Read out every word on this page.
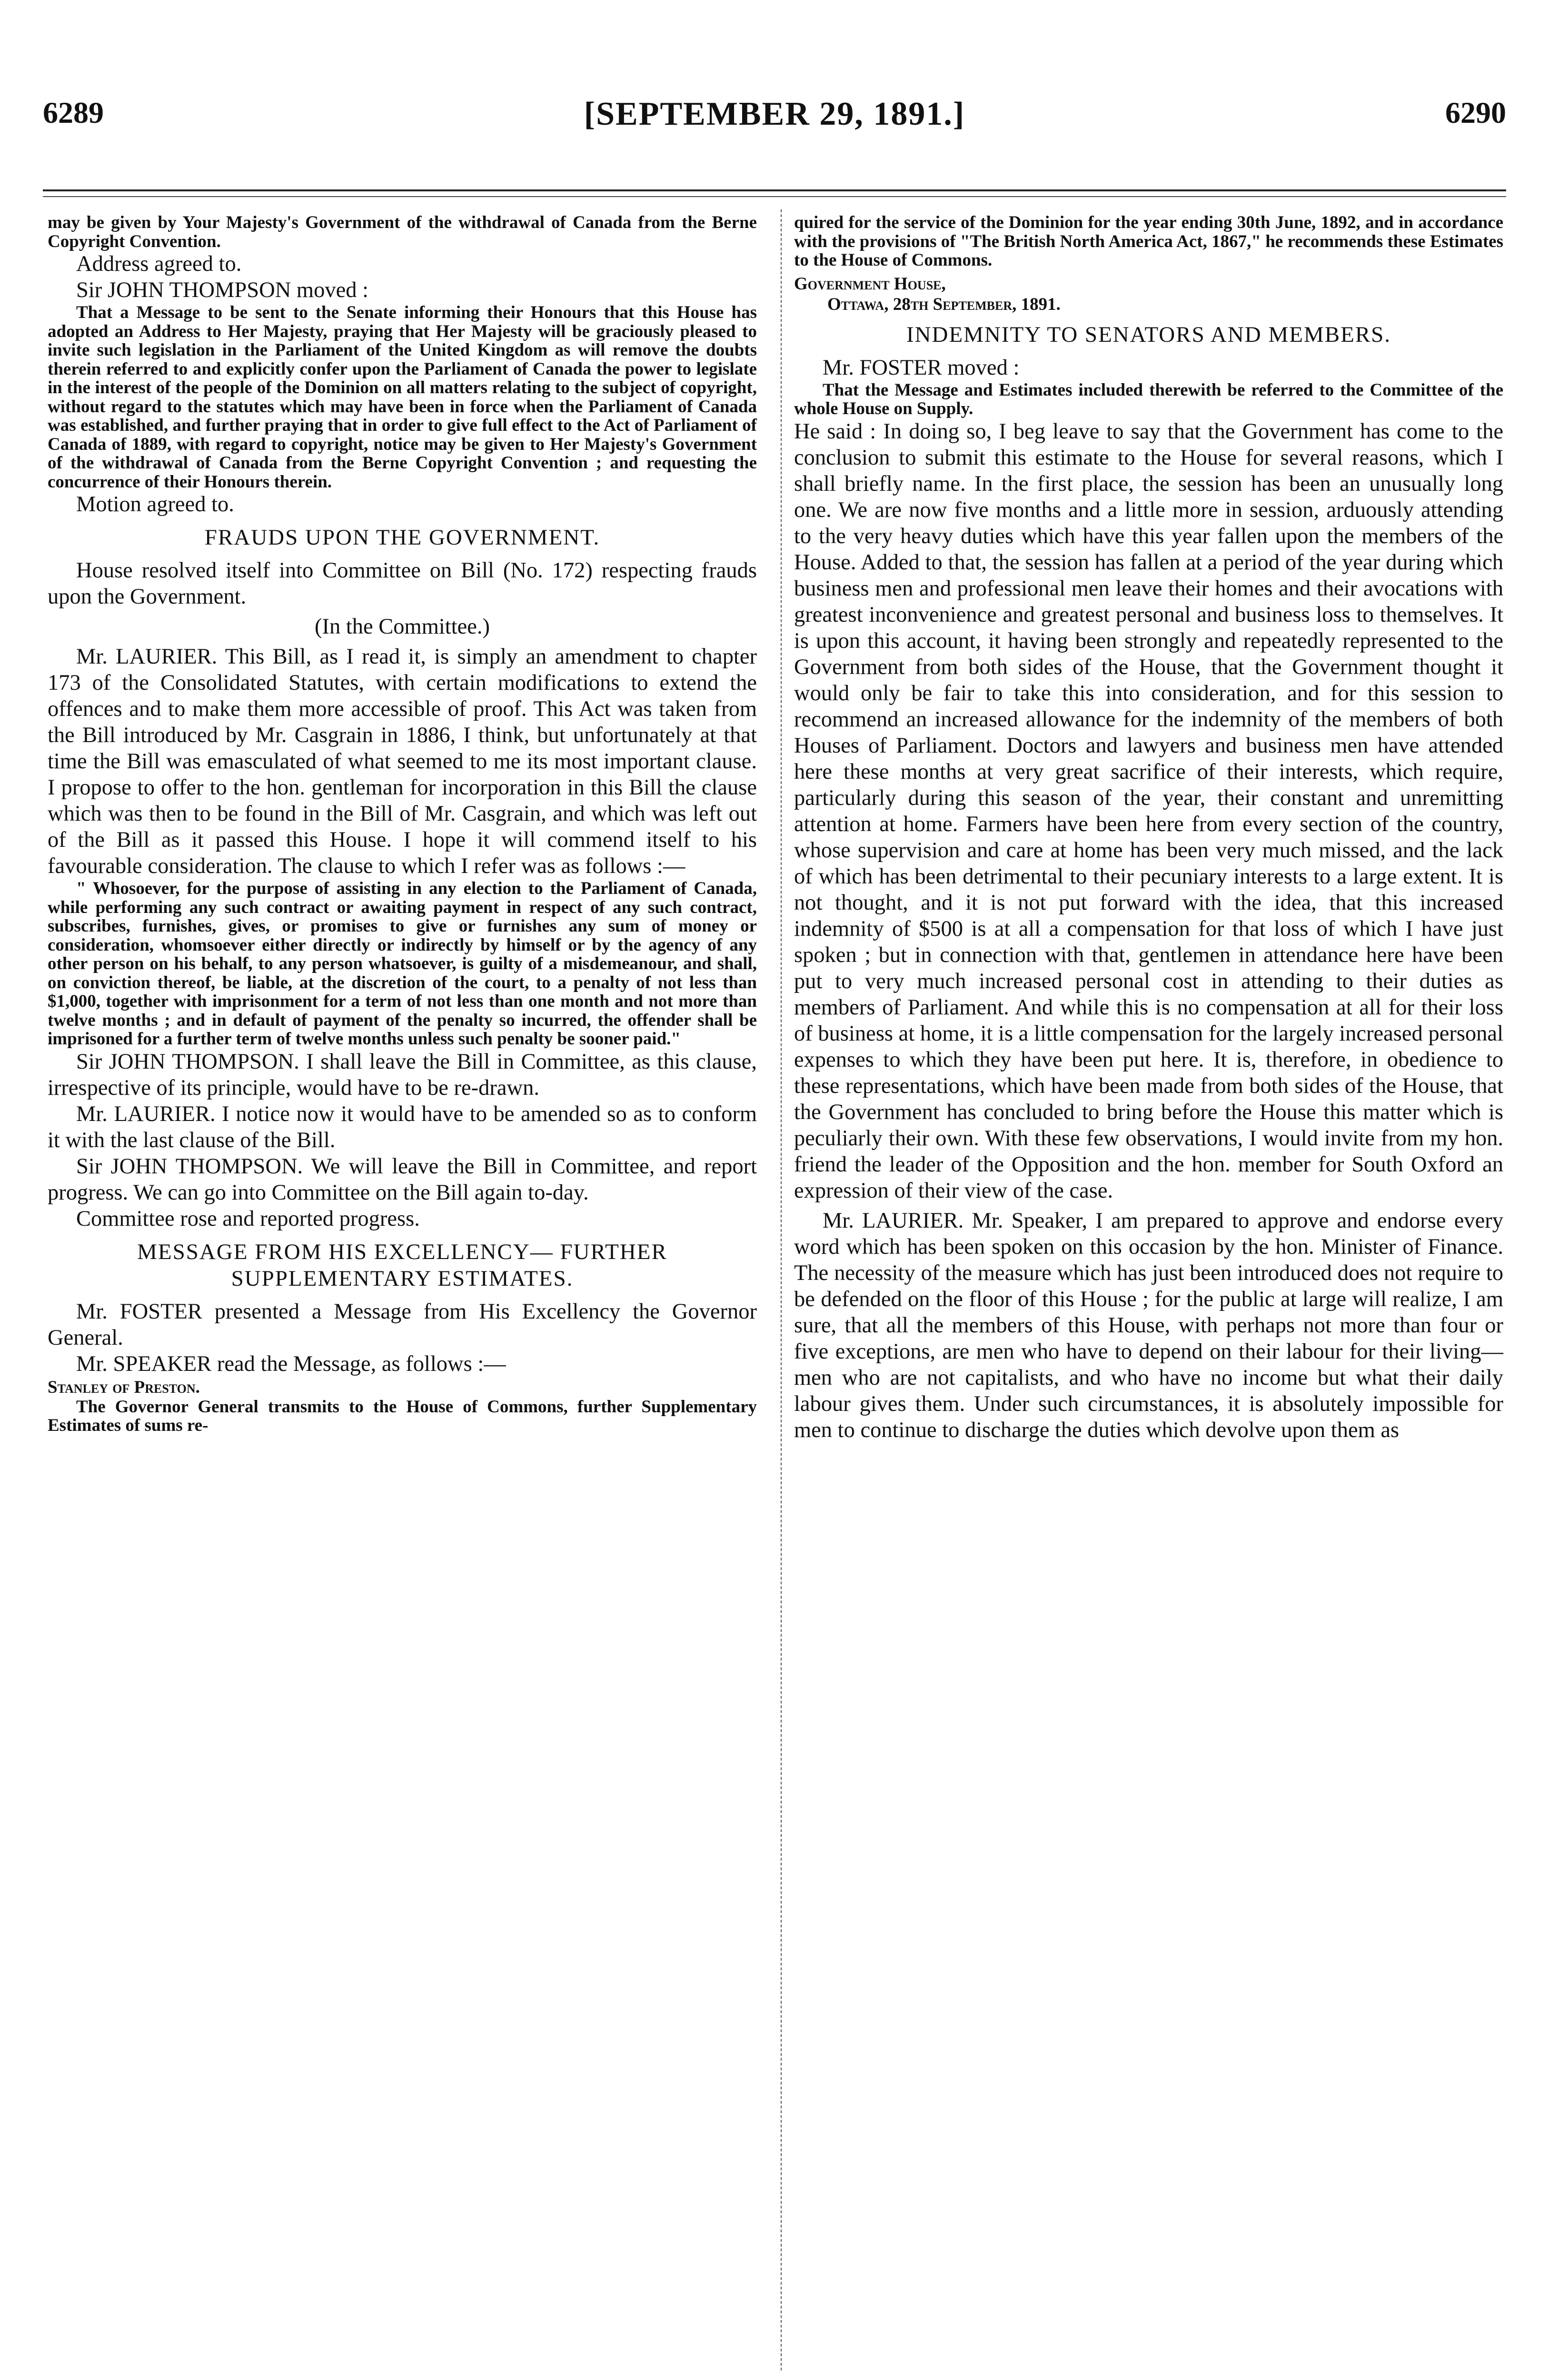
6289	[SEPTEMBER 29, 1891.]	6290

may be given by Your Majesty's Government of the withdrawal of Canada from the Berne Copyright Convention.

Address agreed to.

Sir JOHN THOMPSON moved :

That a Message to be sent to the Senate informing their Honours that this House has adopted an Address to Her Majesty, praying that Her Majesty will be graciously pleased to invite such legislation in the Parliament of the United Kingdom as will remove the doubts therein referred to and explicitly confer upon the Parliament of Canada the power to legislate in the interest of the people of the Dominion on all matters relating to the subject of copyright, without regard to the statutes which may have been in force when the Parliament of Canada was established, and further praying that in order to give full effect to the Act of Parliament of Canada of 1889, with regard to copyright, notice may be given to Her Majesty's Government of the withdrawal of Canada from the Berne Copyright Convention ; and requesting the concurrence of their Honours therein.

Motion agreed to.

FRAUDS UPON THE GOVERNMENT.

House resolved itself into Committee on Bill (No. 172) respecting frauds upon the Government.

(In the Committee.)

Mr. LAURIER. This Bill, as I read it, is simply an amendment to chapter 173 of the Consolidated Statutes, with certain modifications to extend the offences and to make them more accessible of proof. This Act was taken from the Bill introduced by Mr. Casgrain in 1886, I think, but unfortunately at that time the Bill was emasculated of what seemed to me its most important clause. I propose to offer to the hon. gentleman for incorporation in this Bill the clause which was then to be found in the Bill of Mr. Casgrain, and which was left out of the Bill as it passed this House. I hope it will commend itself to his favourable consideration. The clause to which I refer was as follows :—

" Whosoever, for the purpose of assisting in any election to the Parliament of Canada, while performing any such contract or awaiting payment in respect of any such contract, subscribes, furnishes, gives, or promises to give or furnishes any sum of money or consideration, whomsoever either directly or indirectly by himself or by the agency of any other person on his behalf, to any person whatsoever, is guilty of a misdemeanour, and shall, on conviction thereof, be liable, at the discretion of the court, to a penalty of not less than $1,000, together with imprisonment for a term of not less than one month and not more than twelve months ; and in default of payment of the penalty so incurred, the offender shall be imprisoned for a further term of twelve months unless such penalty be sooner paid."

Sir JOHN THOMPSON. I shall leave the Bill in Committee, as this clause, irrespective of its principle, would have to be re-drawn.

Mr. LAURIER. I notice now it would have to be amended so as to conform it with the last clause of the Bill.

Sir JOHN THOMPSON. We will leave the Bill in Committee, and report progress. We can go into Committee on the Bill again to-day.

Committee rose and reported progress.

MESSAGE FROM HIS EXCELLENCY— FURTHER SUPPLEMENTARY ESTIMATES.

Mr. FOSTER presented a Message from His Excellency the Governor General.

Mr. SPEAKER read the Message, as follows :—

Stanley of Preston.

The Governor General transmits to the House of Commons, further Supplementary Estimates of sums re-

quired for the service of the Dominion for the year ending 30th June, 1892, and in accordance with the provisions of "The British North America Act, 1867," he recommends these Estimates to the House of Commons.

Government House,

Ottawa, 28th September, 1891.

INDEMNITY TO SENATORS AND MEMBERS.

Mr. FOSTER moved :

That the Message and Estimates included therewith be referred to the Committee of the whole House on Supply.

He said : In doing so, I beg leave to say that the Government has come to the conclusion to submit this estimate to the House for several reasons, which I shall briefly name. In the first place, the session has been an unusually long one. We are now five months and a little more in session, arduously attending to the very heavy duties which have this year fallen upon the members of the House. Added to that, the session has fallen at a period of the year during which business men and professional men leave their homes and their avocations with greatest inconvenience and greatest personal and business loss to themselves. It is upon this account, it having been strongly and repeatedly represented to the Government from both sides of the House, that the Government thought it would only be fair to take this into consideration, and for this session to recommend an increased allowance for the indemnity of the members of both Houses of Parliament. Doctors and lawyers and business men have attended here these months at very great sacrifice of their interests, which require, particularly during this season of the year, their constant and unremitting attention at home. Farmers have been here from every section of the country, whose supervision and care at home has been very much missed, and the lack of which has been detrimental to their pecuniary interests to a large extent. It is not thought, and it is not put forward with the idea, that this increased indemnity of $500 is at all a compensation for that loss of which I have just spoken ; but in connection with that, gentlemen in attendance here have been put to very much increased personal cost in attending to their duties as members of Parliament. And while this is no compensation at all for their loss of business at home, it is a little compensation for the largely increased personal expenses to which they have been put here. It is, therefore, in obedience to these representations, which have been made from both sides of the House, that the Government has concluded to bring before the House this matter which is peculiarly their own. With these few observations, I would invite from my hon. friend the leader of the Opposition and the hon. member for South Oxford an expression of their view of the case.

Mr. LAURIER. Mr. Speaker, I am prepared to approve and endorse every word which has been spoken on this occasion by the hon. Minister of Finance. The necessity of the measure which has just been introduced does not require to be defended on the floor of this House ; for the public at large will realize, I am sure, that all the members of this House, with perhaps not more than four or five exceptions, are men who have to depend on their labour for their living—men who are not capitalists, and who have no income but what their daily labour gives them. Under such circumstances, it is absolutely impossible for men to continue to discharge the duties which devolve upon them as
